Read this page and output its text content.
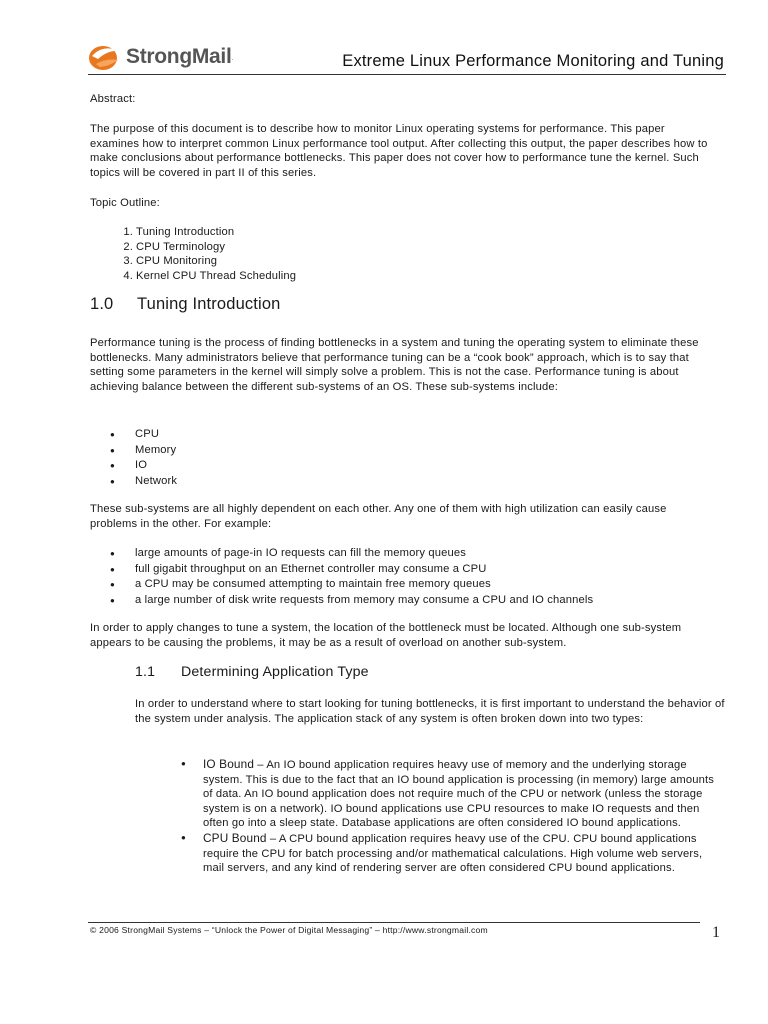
StrongMail .	Extreme Linux Performance Monitoring and Tuning

Abstract:

The purpose of this document is to describe how to monitor Linux operating systems for performance. This paper examines how to interpret common Linux performance tool output. After collecting this output, the paper describes how to make conclusions about performance bottlenecks. This paper does not cover how to performance tune the kernel. Such topics will be covered in part II of this series.

Topic Outline:

1. Tuning Introduction
2. CPU Terminology
3. CPU Monitoring
4. Kernel CPU Thread Scheduling
1.0	Tuning Introduction

Performance tuning is the process of finding bottlenecks in a system and tuning the operating system to eliminate these bottlenecks. Many administrators believe that performance tuning can be a “cook book” approach, which is to say that setting some parameters in the kernel will simply solve a problem. This is not the case. Performance tuning is about achieving balance between the different sub-systems of an OS. These sub-systems include:

● CPU
● Memory
● IO
● Network

These sub-systems are all highly dependent on each other. Any one of them with high utilization can easily cause problems in the other. For example:

● large amounts of page-in IO requests can fill the memory queues
● full gigabit throughput on an Ethernet controller may consume a CPU
● a CPU may be consumed attempting to maintain free memory queues
● a large number of disk write requests from memory may consume a CPU and IO channels

In order to apply changes to tune a system, the location of the bottleneck must be located. Although one sub-system appears to be causing the problems, it may be as a result of overload on another sub-system.

1.1	Determining Application Type

In order to understand where to start looking for tuning bottlenecks, it is first important to understand the behavior of the system under analysis. The application stack of any system is often broken down into two types:

● IO Bound – An IO bound application requires heavy use of memory and the underlying storage system. This is due to the fact that an IO bound application is processing (in memory) large amounts of data. An IO bound application does not require much of the CPU or network (unless the storage system is on a network). IO bound applications use CPU resources to make IO requests and then often go into a sleep state. Database applications are often considered IO bound applications.
● CPU Bound – A CPU bound application requires heavy use of the CPU. CPU bound applications require the CPU for batch processing and/or mathematical calculations. High volume web servers, mail servers, and any kind of rendering server are often considered CPU bound applications.
© 2006 StrongMail Systems – “Unlock the Power of Digital Messaging” – http://www.strongmail.com	1
